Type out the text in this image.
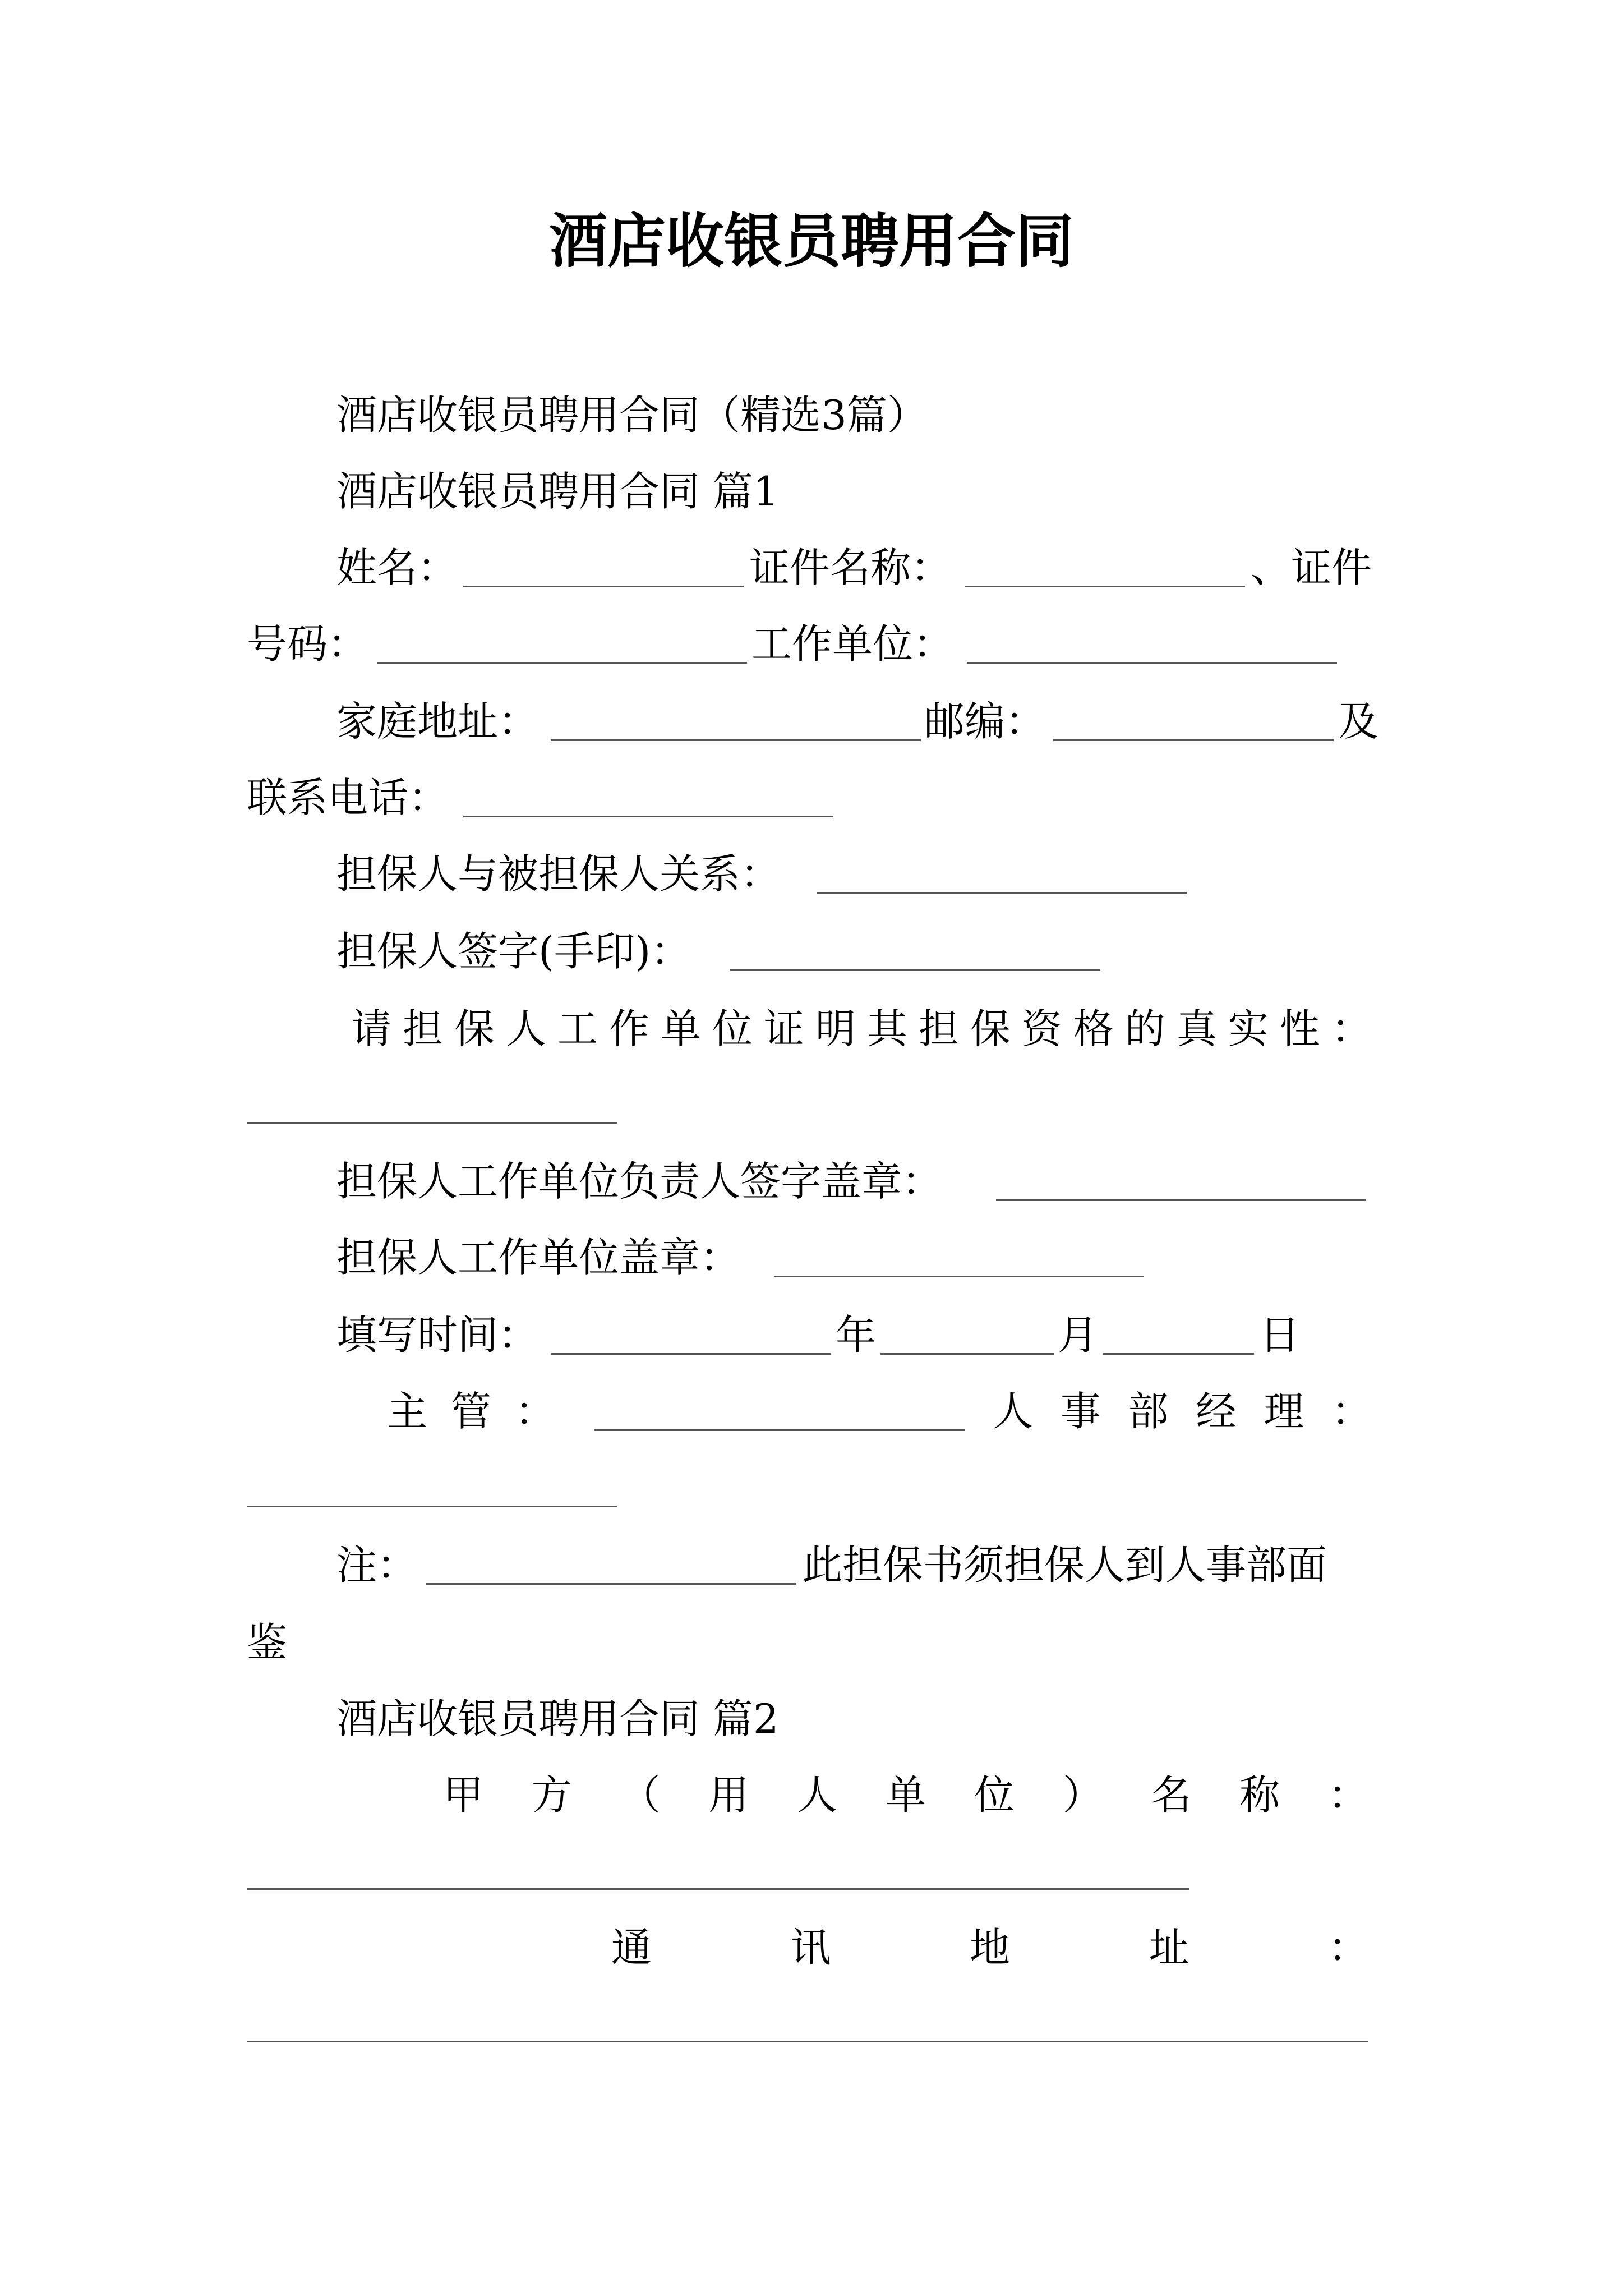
酒店收银员聘用合同
酒店收银员聘用合同（精选3篇）
酒店收银员聘用合同 篇1
姓名：	证件名称：	、证件
号码：	工作单位：
家庭地址：	邮编：	及
联系电话：
担保人与被担保人关系：
担保人签字(手印)：
请 担 保 人 工 作 单 位 证 明 其 担 保 资 格 的 真 实 性 ：
担保人工作单位负责人签字盖章：
担保人工作单位盖章：
填写时间：	年	月	日
主 管 ：	人 事 部 经 理 ：
注：	此担保书须担保人到人事部面
鉴
酒店收银员聘用合同 篇2
甲 方 （ 用 人 单 位 ） 名 称 ：
通	讯	地	址	：
